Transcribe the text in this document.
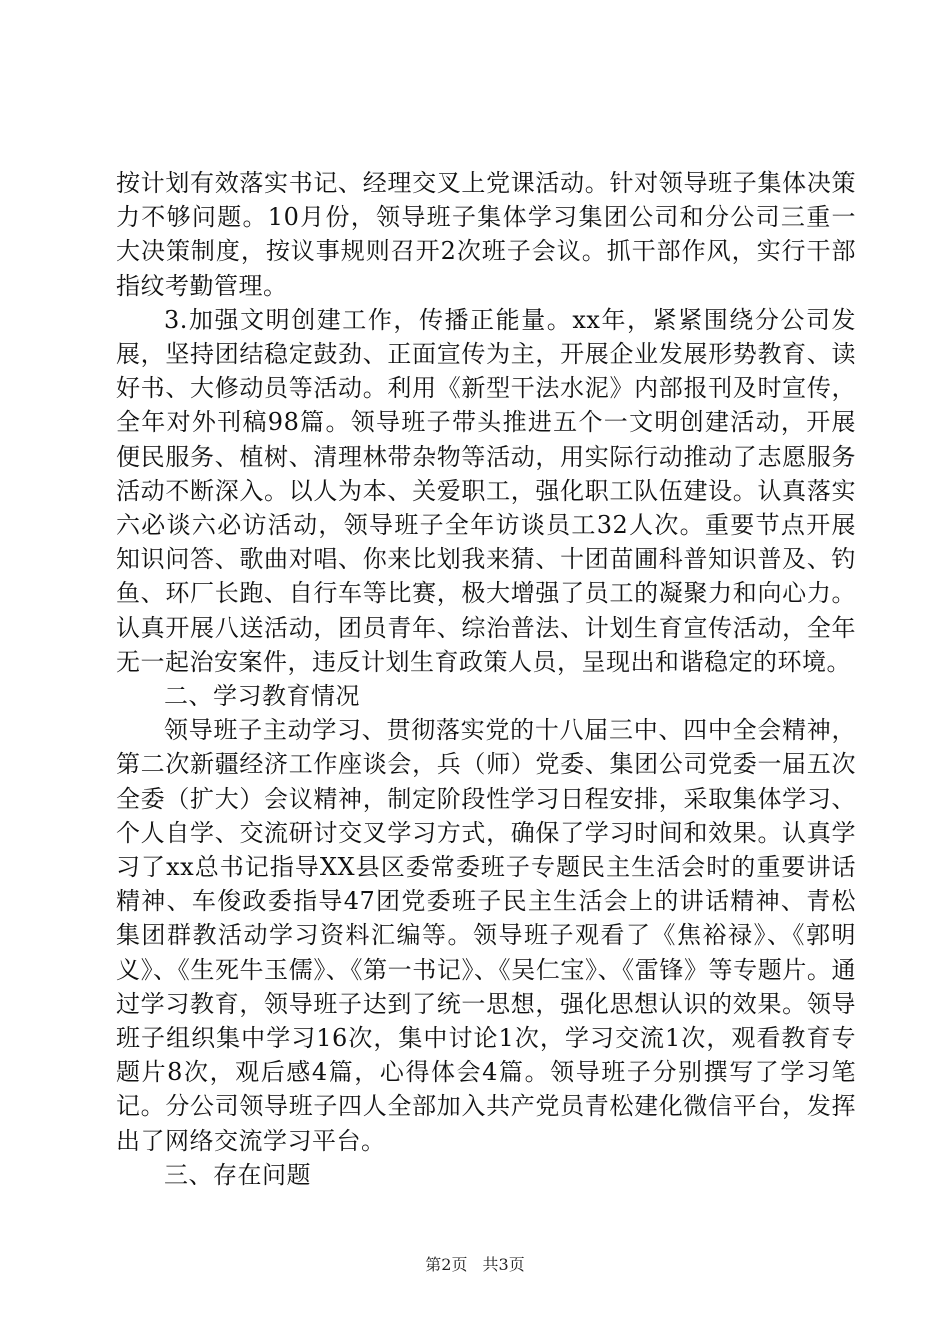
按计划有效落实书记、经理交叉上党课活动。针对领导班子集体决策力不够问题。10月份，领导班子集体学习集团公司和分公司三重一大决策制度，按议事规则召开2次班子会议。抓干部作风，实行干部指纹考勤管理。

3.加强文明创建工作，传播正能量。xx年，紧紧围绕分公司发展，坚持团结稳定鼓劲、正面宣传为主，开展企业发展形势教育、读好书、大修动员等活动。利用《新型干法水泥》内部报刊及时宣传，全年对外刊稿98篇。领导班子带头推进五个一文明创建活动，开展便民服务、植树、清理林带杂物等活动，用实际行动推动了志愿服务活动不断深入。以人为本、关爱职工，强化职工队伍建设。认真落实六必谈六必访活动，领导班子全年访谈员工32人次。重要节点开展知识问答、歌曲对唱、你来比划我来猜、十团苗圃科普知识普及、钓鱼、环厂长跑、自行车等比赛，极大增强了员工的凝聚力和向心力。认真开展八送活动，团员青年、综治普法、计划生育宣传活动，全年无一起治安案件，违反计划生育政策人员，呈现出和谐稳定的环境。

二、学习教育情况

领导班子主动学习、贯彻落实党的十八届三中、四中全会精神，第二次新疆经济工作座谈会，兵（师）党委、集团公司党委一届五次全委（扩大）会议精神，制定阶段性学习日程安排，采取集体学习、个人自学、交流研讨交叉学习方式，确保了学习时间和效果。认真学习了xx总书记指导XX县区委常委班子专题民主生活会时的重要讲话精神、车俊政委指导47团党委班子民主生活会上的讲话精神、青松集团群教活动学习资料汇编等。领导班子观看了《焦裕禄》、《郭明义》、《生死牛玉儒》、《第一书记》、《吴仁宝》、《雷锋》等专题片。通过学习教育，领导班子达到了统一思想，强化思想认识的效果。领导班子组织集中学习16次，集中讨论1次，学习交流1次，观看教育专题片8次，观后感4篇，心得体会4篇。领导班子分别撰写了学习笔记。分公司领导班子四人全部加入共产党员青松建化微信平台，发挥出了网络交流学习平台。

三、存在问题

第2页 共3页
